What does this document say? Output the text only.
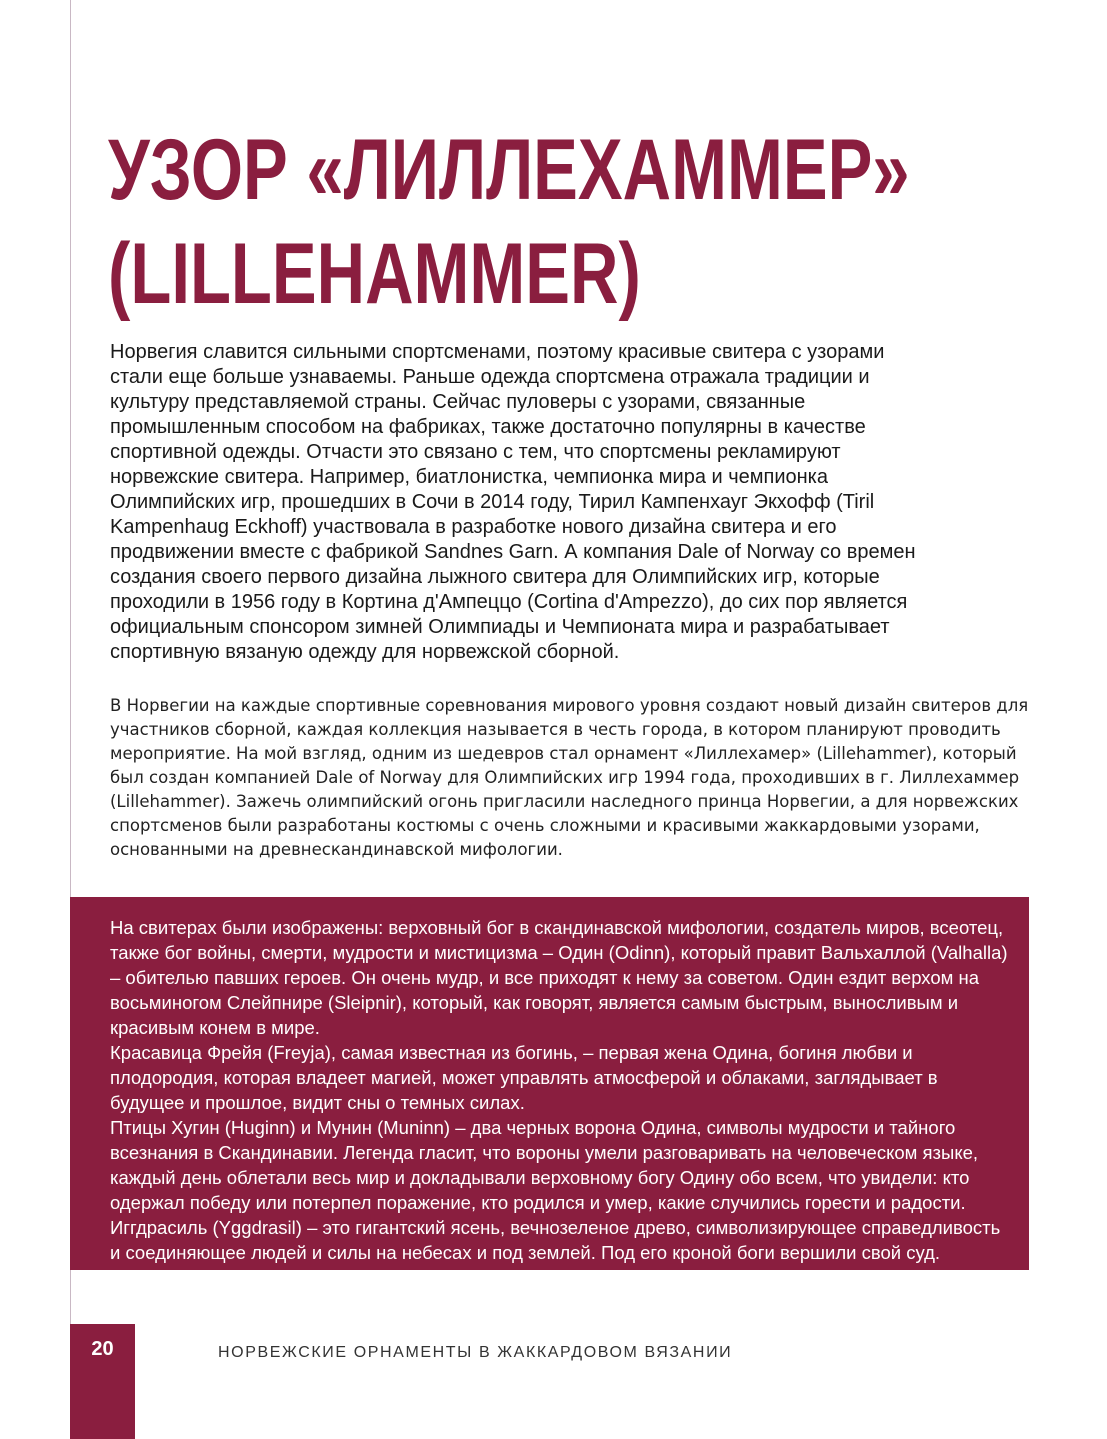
УЗОР «ЛИЛЛЕХАММЕР»
(LILLEHAMMER)

Норвегия славится сильными спортсменами, поэтому красивые свитера с узорами стали еще больше узнаваемы. Раньше одежда спортсмена отражала традиции и культуру представляемой страны. Сейчас пуловеры с узорами, связанные промышленным способом на фабриках, также достаточно популярны в качестве спортивной одежды. Отчасти это связано с тем, что спортсмены рекламируют норвежские свитера. Например, биатлонистка, чемпионка мира и чемпионка Олимпийских игр, прошедших в Сочи в 2014 году, Тирил Кампенхауг Экхофф (Tiril Kampenhaug Eckhoff) участвовала в разработке нового дизайна свитера и его продвижении вместе с фабрикой Sandnes Garn. А компания Dale of Norway со времен создания своего первого дизайна лыжного свитера для Олимпийских игр, которые проходили в 1956 году в Кортина д'Ампеццо (Cortina d'Ampezzo), до сих пор является официальным спонсором зимней Олимпиады и Чемпионата мира и разрабатывает спортивную вязаную одежду для норвежской сборной.

В Норвегии на каждые спортивные соревнования мирового уровня создают новый дизайн свитеров для участников сборной, каждая коллекция называется в честь города, в котором планируют проводить мероприятие. На мой взгляд, одним из шедевров стал орнамент «Лиллехамер» (Lillehammer), который был создан компанией Dale of Norway для Олимпийских игр 1994 года, проходивших в г. Лиллехаммер (Lillehammer). Зажечь олимпийский огонь пригласили наследного принца Норвегии, а для норвежских спортсменов были разработаны костюмы с очень сложными и красивыми жаккардовыми узорами, основанными на древнескандинавской мифологии.

На свитерах были изображены: верховный бог в скандинавской мифологии, создатель миров, всеотец, также бог войны, смерти, мудрости и мистицизма – Один (Odinn), который правит Вальхаллой (Valhalla) – обителью павших героев. Он очень мудр, и все приходят к нему за советом. Один ездит верхом на восьминогом Слейпнире (Sleipnir), который, как говорят, является самым быстрым, выносливым и красивым конем в мире.

Красавица Фрейя (Freyja), самая известная из богинь, – первая жена Одина, богиня любви и плодородия, которая владеет магией, может управлять атмосферой и облаками, заглядывает в будущее и прошлое, видит сны о темных силах.

Птицы Хугин (Huginn) и Мунин (Muninn) – два черных ворона Одина, символы мудрости и тайного всезнания в Скандинавии. Легенда гласит, что вороны умели разговаривать на человеческом языке, каждый день облетали весь мир и докладывали верховному богу Одину обо всем, что увидели: кто одержал победу или потерпел поражение, кто родился и умер, какие случились горести и радости.

Иггдрасиль (Yggdrasil) – это гигантский ясень, вечнозеленое древо, символизирующее справедливость и соединяющее людей и силы на небесах и под землей. Под его кроной боги вершили свой суд.

20	НОРВЕЖСКИЕ ОРНАМЕНТЫ В ЖАККАРДОВОМ ВЯЗАНИИ
